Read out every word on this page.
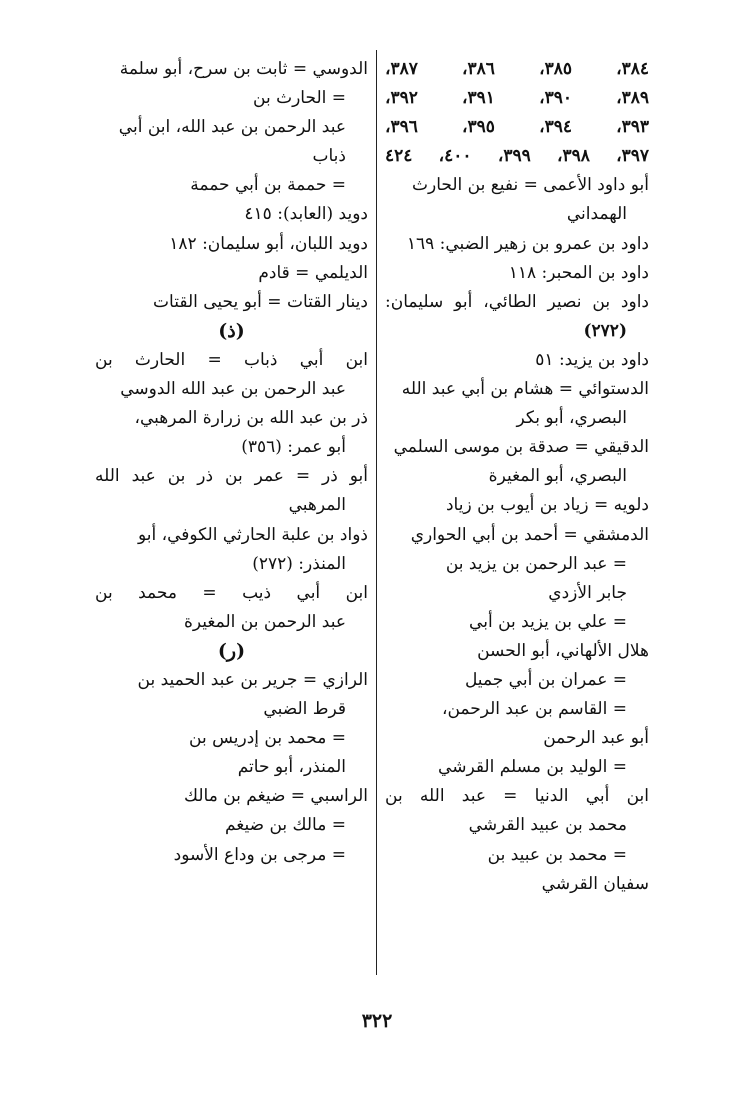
٣٨٤، ٣٨٥، ٣٨٦، ٣٨٧،
٣٨٩، ٣٩٠، ٣٩١، ٣٩٢،
٣٩٣، ٣٩٤، ٣٩٥، ٣٩٦،
٣٩٧، ٣٩٨، ٣٩٩، ٤٠٠، ٤٢٤
أبو داود الأعمى = نفيع بن الحارث
الهمداني
داود بن عمرو بن زهير الضبي: ١٦٩
داود بن المحبر: ١١٨
داود بن نصير الطائي، أبو سليمان:
(٢٧٢)
داود بن يزيد: ٥١
الدستوائي = هشام بن أبي عبد الله
البصري، أبو بكر
الدقيقي = صدقة بن موسى السلمي
البصري، أبو المغيرة
دلويه = زياد بن أيوب بن زياد
الدمشقي = أحمد بن أبي الحواري
= عبد الرحمن بن يزيد بن
جابر الأزدي
= علي بن يزيد بن أبي
هلال الألهاني، أبو الحسن
= عمران بن أبي جميل
= القاسم بن عبد الرحمن،
أبو عبد الرحمن
= الوليد بن مسلم القرشي
ابن أبي الدنيا = عبد الله بن
محمد بن عبيد القرشي
= محمد بن عبيد بن
سفيان القرشي
الدوسي = ثابت بن سرح، أبو سلمة
= الحارث بن
عبد الرحمن بن عبد الله، ابن أبي
ذباب
= حممة بن أبي حممة
دويد (العابد): ٤١٥
دويد اللبان، أبو سليمان: ١٨٢
الديلمي = قادم
دينار القتات = أبو يحيى القتات
(ذ)
ابن أبي ذباب = الحارث بن
عبد الرحمن بن عبد الله الدوسي
ذر بن عبد الله بن زرارة المرهبي،
أبو عمر: (٣٥٦)
أبو ذر = عمر بن ذر بن عبد الله
المرهبي
ذواد بن علبة الحارثي الكوفي، أبو
المنذر: (٢٧٢)
ابن أبي ذيب = محمد بن
عبد الرحمن بن المغيرة
(ر)
الرازي = جرير بن عبد الحميد بن
قرط الضبي
= محمد بن إدريس بن
المنذر، أبو حاتم
الراسبي = ضيغم بن مالك
= مالك بن ضيغم
= مرجى بن وداع الأسود
٣٢٢
